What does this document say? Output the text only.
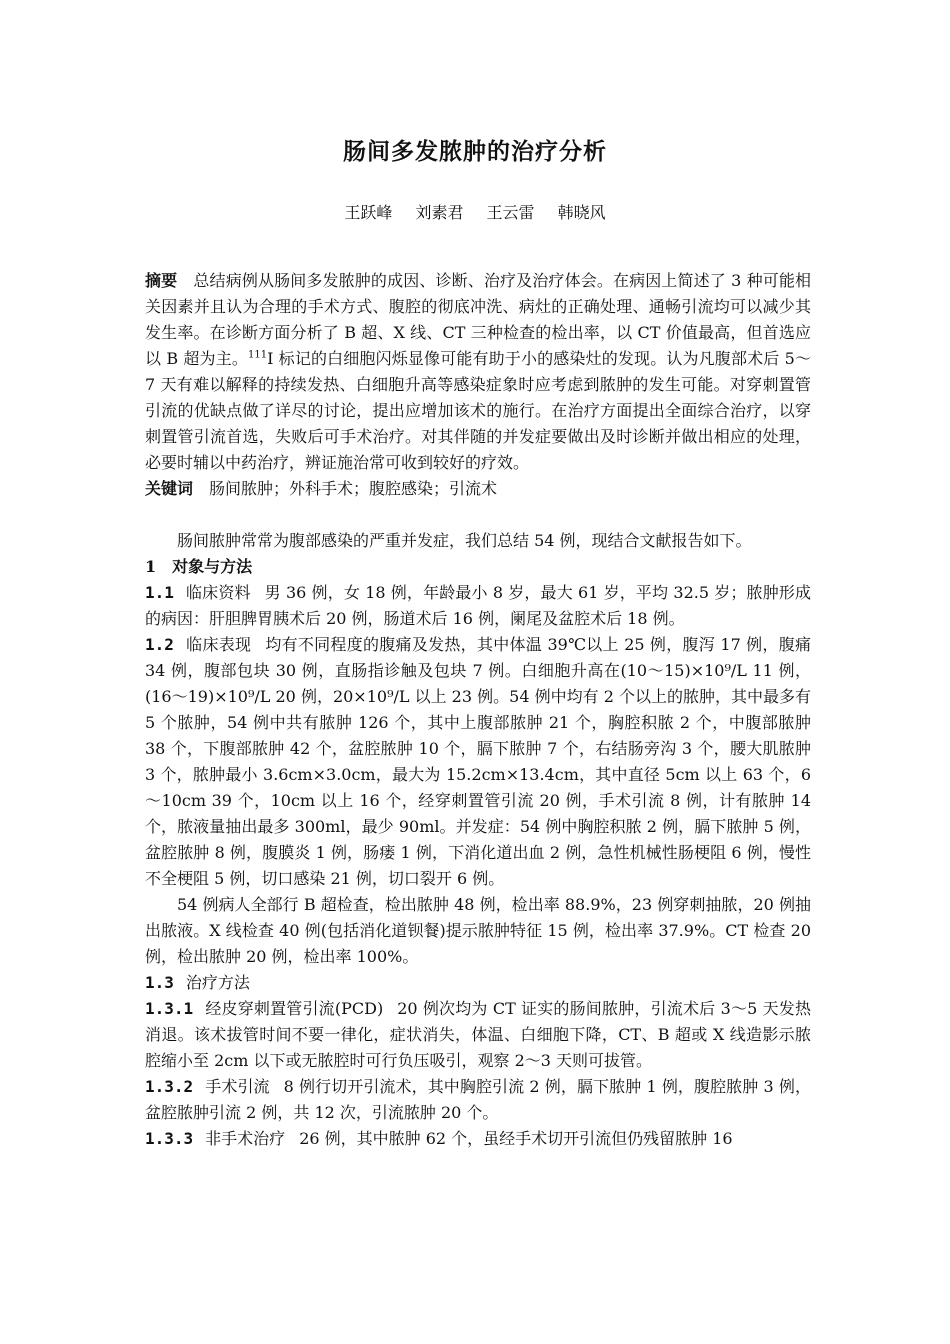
肠间多发脓肿的治疗分析
王跃峰 刘素君 王云雷 韩晓风

摘要  总结病例从肠间多发脓肿的成因、诊断、治疗及治疗体会。在病因上简述了 3 种可能相关因素并且认为合理的手术方式、腹腔的彻底冲洗、病灶的正确处理、通畅引流均可以减少其发生率。在诊断方面分析了 B 超、X 线、CT 三种检查的检出率，以 CT 价值最高，但首选应以 B 超为主。$^{111}$I 标记的白细胞闪烁显像可能有助于小的感染灶的发现。认为凡腹部术后 5～7 天有难以解释的持续发热、白细胞升高等感染症象时应考虑到脓肿的发生可能。对穿刺置管引流的优缺点做了详尽的讨论，提出应增加该术的施行。在治疗方面提出全面综合治疗，以穿刺置管引流首选，失败后可手术治疗。对其伴随的并发症要做出及时诊断并做出相应的处理，必要时辅以中药治疗，辨证施治常可收到较好的疗效。

关键词  肠间脓肿；外科手术；腹腔感染；引流术

肠间脓肿常常为腹部感染的严重并发症，我们总结 54 例，现结合文献报告如下。

1  对象与方法

1.1 临床资料 男 36 例，女 18 例，年龄最小 8 岁，最大 61 岁，平均 32.5 岁；脓肿形成的病因：肝胆脾胃胰术后 20 例，肠道术后 16 例，阑尾及盆腔术后 18 例。

1.2 临床表现 均有不同程度的腹痛及发热，其中体温 39℃以上 25 例，腹泻 17 例，腹痛 34 例，腹部包块 30 例，直肠指诊触及包块 7 例。白细胞升高在(10～15)×10⁹/L 11 例，(16～19)×10⁹/L 20 例，20×10⁹/L 以上 23 例。54 例中均有 2 个以上的脓肿，其中最多有 5 个脓肿，54 例中共有脓肿 126 个，其中上腹部脓肿 21 个，胸腔积脓 2 个，中腹部脓肿 38 个，下腹部脓肿 42 个，盆腔脓肿 10 个，膈下脓肿 7 个，右结肠旁沟 3 个，腰大肌脓肿 3 个，脓肿最小 3.6cm×3.0cm，最大为 15.2cm×13.4cm，其中直径 5cm 以上 63 个，6～10cm 39 个，10cm 以上 16 个，经穿刺置管引流 20 例，手术引流 8 例，计有脓肿 14 个，脓液量抽出最多 300ml，最少 90ml。并发症：54 例中胸腔积脓 2 例，膈下脓肿 5 例，盆腔脓肿 8 例，腹膜炎 1 例，肠瘘 1 例，下消化道出血 2 例，急性机械性肠梗阻 6 例，慢性不全梗阻 5 例，切口感染 21 例，切口裂开 6 例。

54 例病人全部行 B 超检查，检出脓肿 48 例，检出率 88.9%，23 例穿刺抽脓，20 例抽出脓液。X 线检查 40 例(包括消化道钡餐)提示脓肿特征 15 例，检出率 37.9%。CT 检查 20 例，检出脓肿 20 例，检出率 100%。

1.3 治疗方法

1.3.1 经皮穿刺置管引流(PCD) 20 例次均为 CT 证实的肠间脓肿，引流术后 3～5 天发热消退。该术拔管时间不要一律化，症状消失，体温、白细胞下降，CT、B 超或 X 线造影示脓腔缩小至 2cm 以下或无脓腔时可行负压吸引，观察 2～3 天则可拔管。

1.3.2 手术引流 8 例行切开引流术，其中胸腔引流 2 例，膈下脓肿 1 例，腹腔脓肿 3 例，盆腔脓肿引流 2 例，共 12 次，引流脓肿 20 个。

1.3.3 非手术治疗 26 例，其中脓肿 62 个，虽经手术切开引流但仍残留脓肿 16
